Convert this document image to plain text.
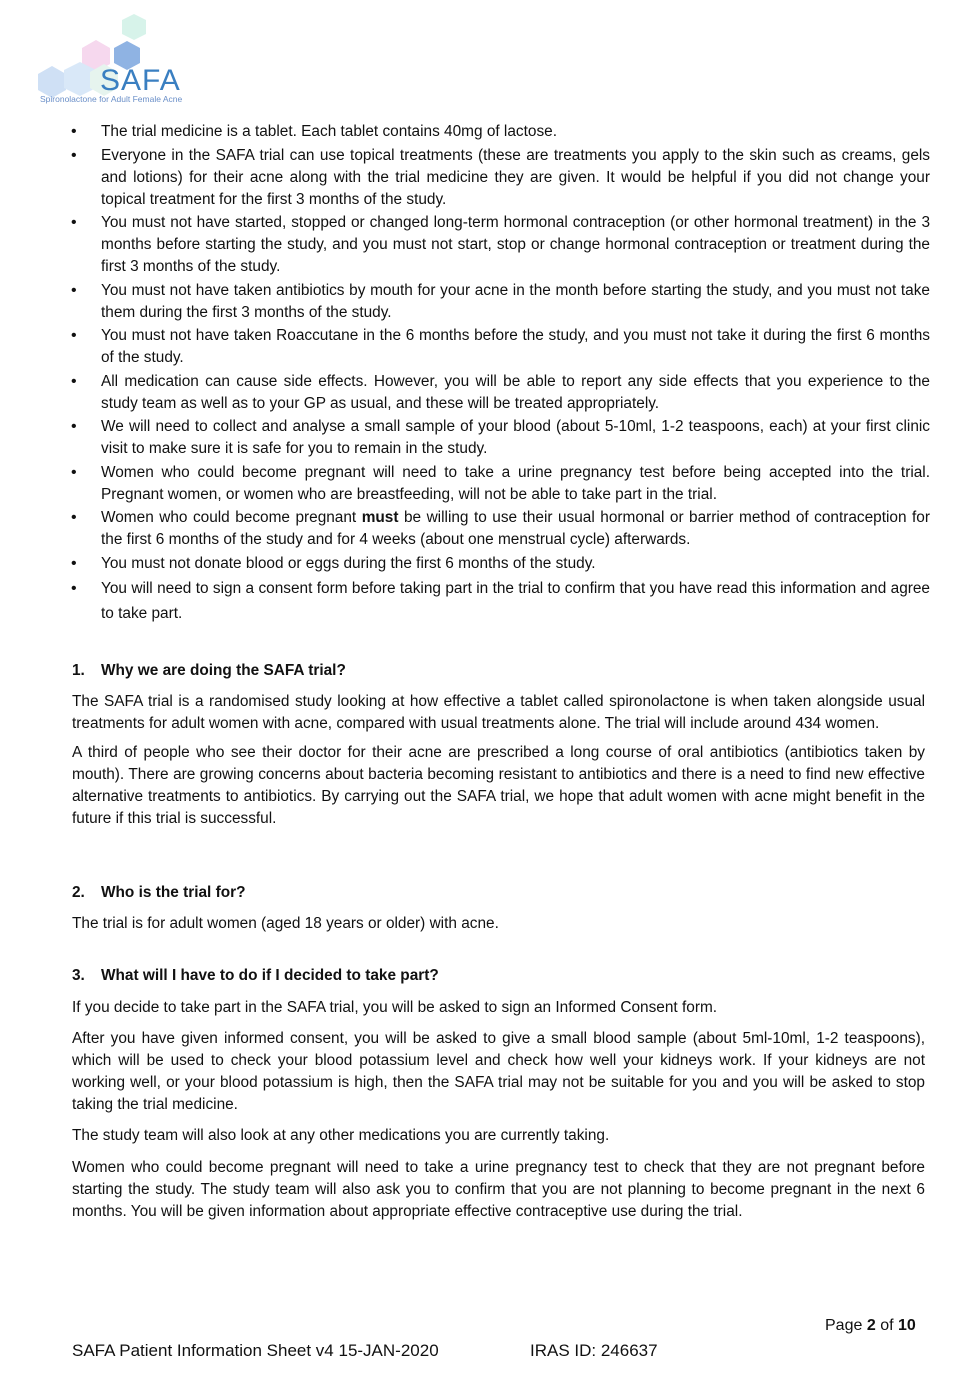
SAFA
Spironolactone for Adult Female Acne
• The trial medicine is a tablet. Each tablet contains 40mg of lactose.
• Everyone in the SAFA trial can use topical treatments (these are treatments you apply to the skin such as creams, gels and lotions) for their acne along with the trial medicine they are given. It would be helpful if you did not change your topical treatment for the first 3 months of the study.
• You must not have started, stopped or changed long-term hormonal contraception (or other hormonal treatment) in the 3 months before starting the study, and you must not start, stop or change hormonal contraception or treatment during the first 3 months of the study.
• You must not have taken antibiotics by mouth for your acne in the month before starting the study, and you must not take them during the first 3 months of the study.
• You must not have taken Roaccutane in the 6 months before the study, and you must not take it during the first 6 months of the study.
• All medication can cause side effects. However, you will be able to report any side effects that you experience to the study team as well as to your GP as usual, and these will be treated appropriately.
• We will need to collect and analyse a small sample of your blood (about 5-10ml, 1-2 teaspoons, each) at your first clinic visit to make sure it is safe for you to remain in the study.
• Women who could become pregnant will need to take a urine pregnancy test before being accepted into the trial. Pregnant women, or women who are breastfeeding, will not be able to take part in the trial.
• Women who could become pregnant must be willing to use their usual hormonal or barrier method of contraception for the first 6 months of the study and for 4 weeks (about one menstrual cycle) afterwards.
• You must not donate blood or eggs during the first 6 months of the study.
• You will need to sign a consent form before taking part in the trial to confirm that you have read this information and agree to take part.
1. Why we are doing the SAFA trial?

The SAFA trial is a randomised study looking at how effective a tablet called spironolactone is when taken alongside usual treatments for adult women with acne, compared with usual treatments alone. The trial will include around 434 women.

A third of people who see their doctor for their acne are prescribed a long course of oral antibiotics (antibiotics taken by mouth). There are growing concerns about bacteria becoming resistant to antibiotics and there is a need to find new effective alternative treatments to antibiotics. By carrying out the SAFA trial, we hope that adult women with acne might benefit in the future if this trial is successful.

2. Who is the trial for?

The trial is for adult women (aged 18 years or older) with acne.

3. What will I have to do if I decided to take part?

If you decide to take part in the SAFA trial, you will be asked to sign an Informed Consent form.

After you have given informed consent, you will be asked to give a small blood sample (about 5ml-10ml, 1-2 teaspoons), which will be used to check your blood potassium level and check how well your kidneys work. If your kidneys are not working well, or your blood potassium is high, then the SAFA trial may not be suitable for you and you will be asked to stop taking the trial medicine.

The study team will also look at any other medications you are currently taking.

Women who could become pregnant will need to take a urine pregnancy test to check that they are not pregnant before starting the study. The study team will also ask you to confirm that you are not planning to become pregnant in the next 6 months. You will be given information about appropriate effective contraceptive use during the trial.

Page 2 of 10
SAFA Patient Information Sheet v4 15-JAN-2020	IRAS ID: 246637
